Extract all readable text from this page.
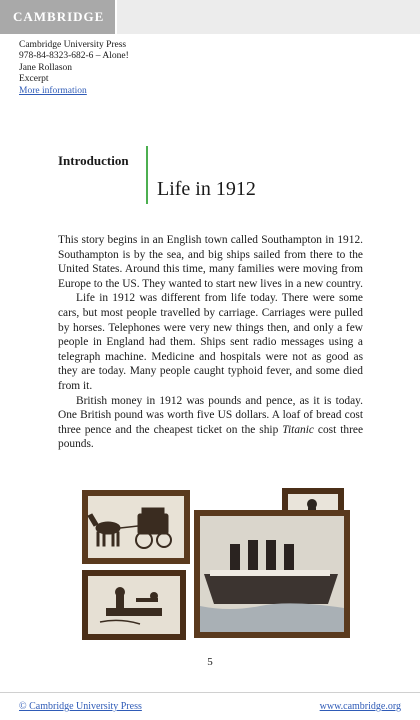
CAMBRIDGE
Cambridge University Press
978-84-8323-682-6 – Alone!
Jane Rollason
Excerpt
More information
Introduction
Life in 1912

This story begins in an English town called Southampton in 1912. Southampton is by the sea, and big ships sailed from there to the United States. Around this time, many families were moving from Europe to the US. They wanted to start new lives in a new country.

Life in 1912 was different from life today. There were some cars, but most people travelled by carriage. Carriages were pulled by horses. Telephones were very new things then, and only a few people in England had them. Ships sent radio messages using a telegraph machine. Medicine and hospitals were not as good as they are today. Many people caught typhoid fever, and some died from it.

British money in 1912 was pounds and pence, as it is today. One British pound was worth five US dollars. A loaf of bread cost three pence and the cheapest ticket on the ship Titanic cost three pounds.

5
© Cambridge University Press	www.cambridge.org
